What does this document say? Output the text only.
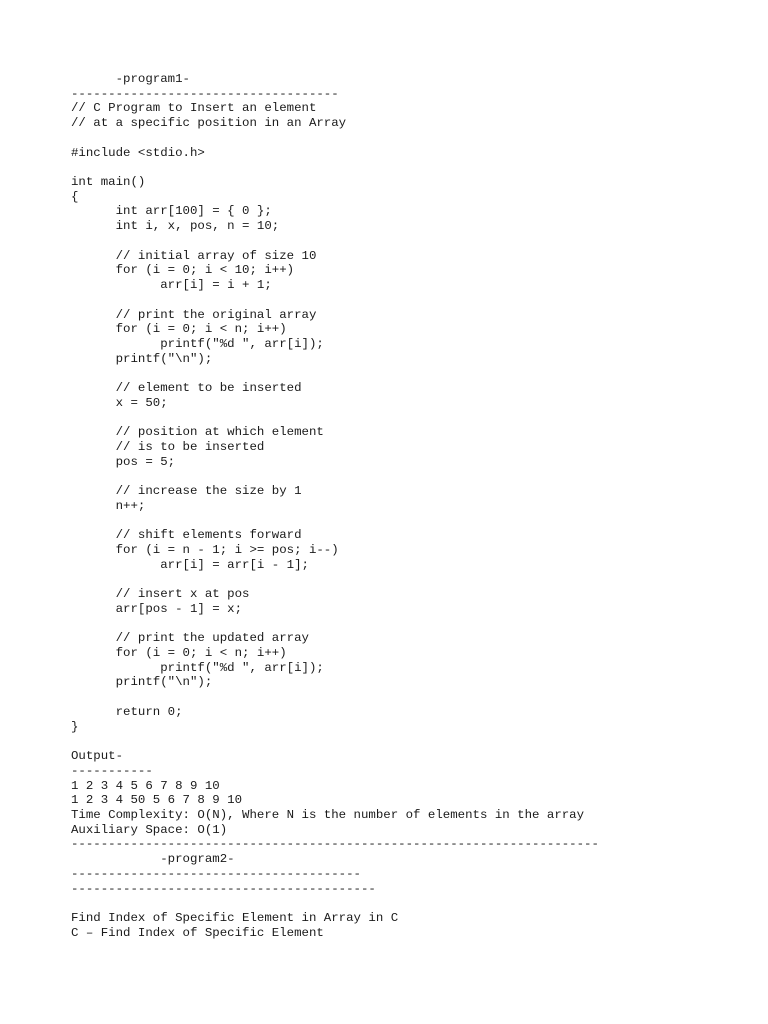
-program1-
------------------------------------
// C Program to Insert an element
// at a specific position in an Array
#include <stdio.h>
int main()
{
int arr[100] = { 0 };
int i, x, pos, n = 10;
// initial array of size 10
for (i = 0; i < 10; i++)
arr[i] = i + 1;
// print the original array
for (i = 0; i < n; i++)
printf("%d ", arr[i]);
printf("\n");
// element to be inserted
x = 50;
// position at which element
// is to be inserted
pos = 5;
// increase the size by 1
n++;
// shift elements forward
for (i = n - 1; i >= pos; i--)
arr[i] = arr[i - 1];
// insert x at pos
arr[pos - 1] = x;
// print the updated array
for (i = 0; i < n; i++)
printf("%d ", arr[i]);
printf("\n");
return 0;
}
Output-
-----------
1 2 3 4 5 6 7 8 9 10
1 2 3 4 50 5 6 7 8 9 10
Time Complexity: O(N), Where N is the number of elements in the array
Auxiliary Space: O(1)
-----------------------------------------------------------------------
-program2-
---------------------------------------
-----------------------------------------
Find Index of Specific Element in Array in C
C – Find Index of Specific Element
